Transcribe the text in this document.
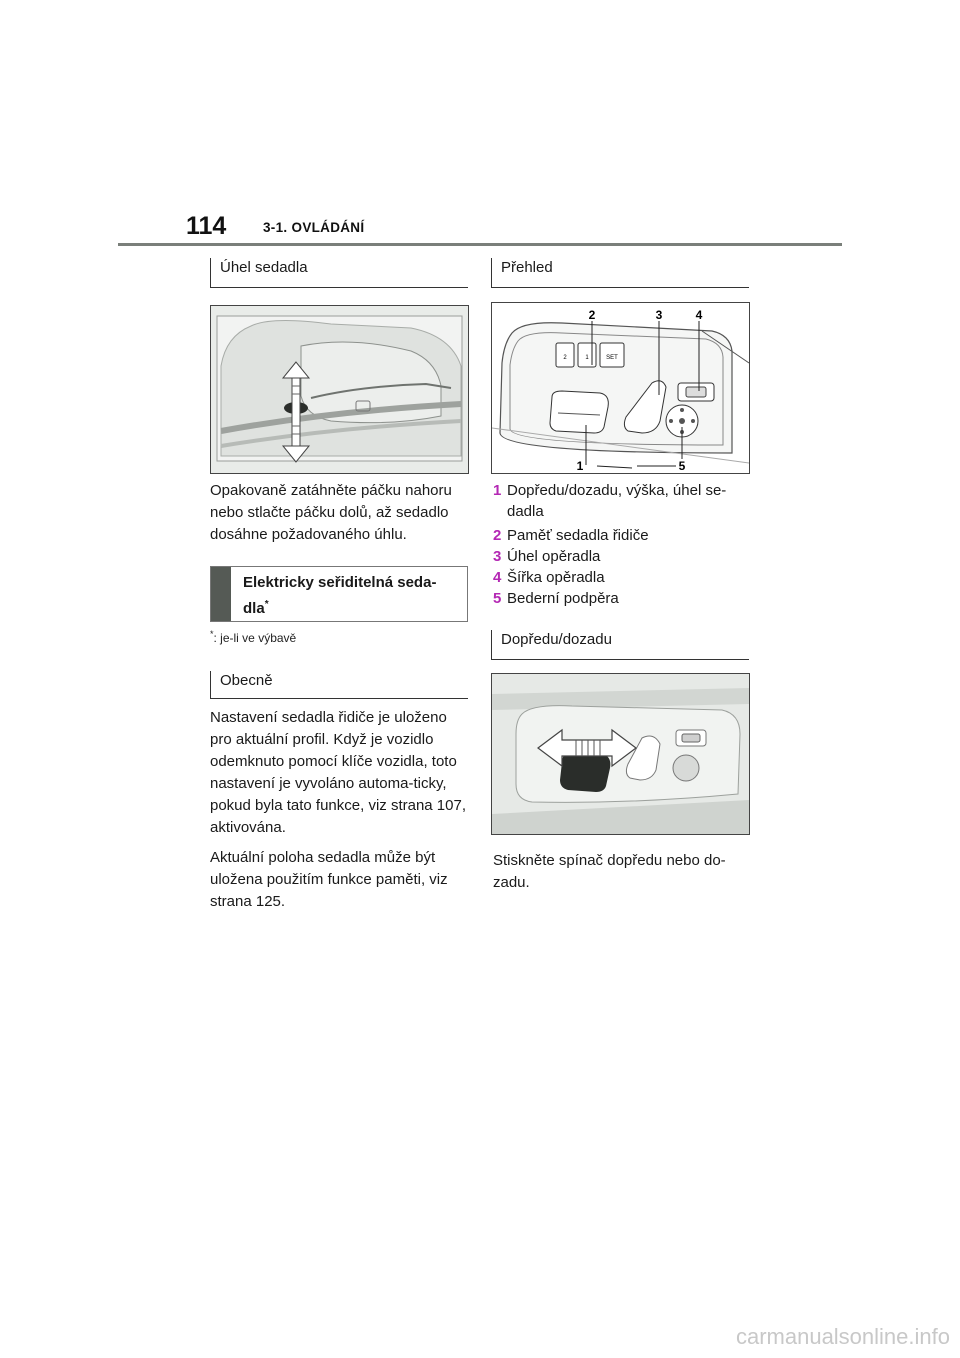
114	3-1. OVLÁDÁNÍ
Úhel sedadla
Opakovaně zatáhněte páčku nahoru nebo stlačte páčku dolů, až sedadlo dosáhne požadovaného úhlu.
Elektricky seřiditelná seda-dla*
*: je-li ve výbavě
Obecně

Nastavení sedadla řidiče je uloženo pro aktuální profil. Když je vozidlo odemknuto pomocí klíče vozidla, toto nastavení je vyvoláno automa-ticky, pokud byla tato funkce, viz strana 107, aktivována.

Aktuální poloha sedadla může být uložena použitím funkce paměti, viz strana 125.

Přehled
2	1	SET
2	3	4
1	5
1 Dopředu/dozadu, výška, úhel se-dadla
2 Paměť sedadla řidiče
3 Úhel opěradla
4 Šířka opěradla
5 Bederní podpěra
Dopředu/dozadu
Stiskněte spínač dopředu nebo do-zadu.
carmanualsonline.info
